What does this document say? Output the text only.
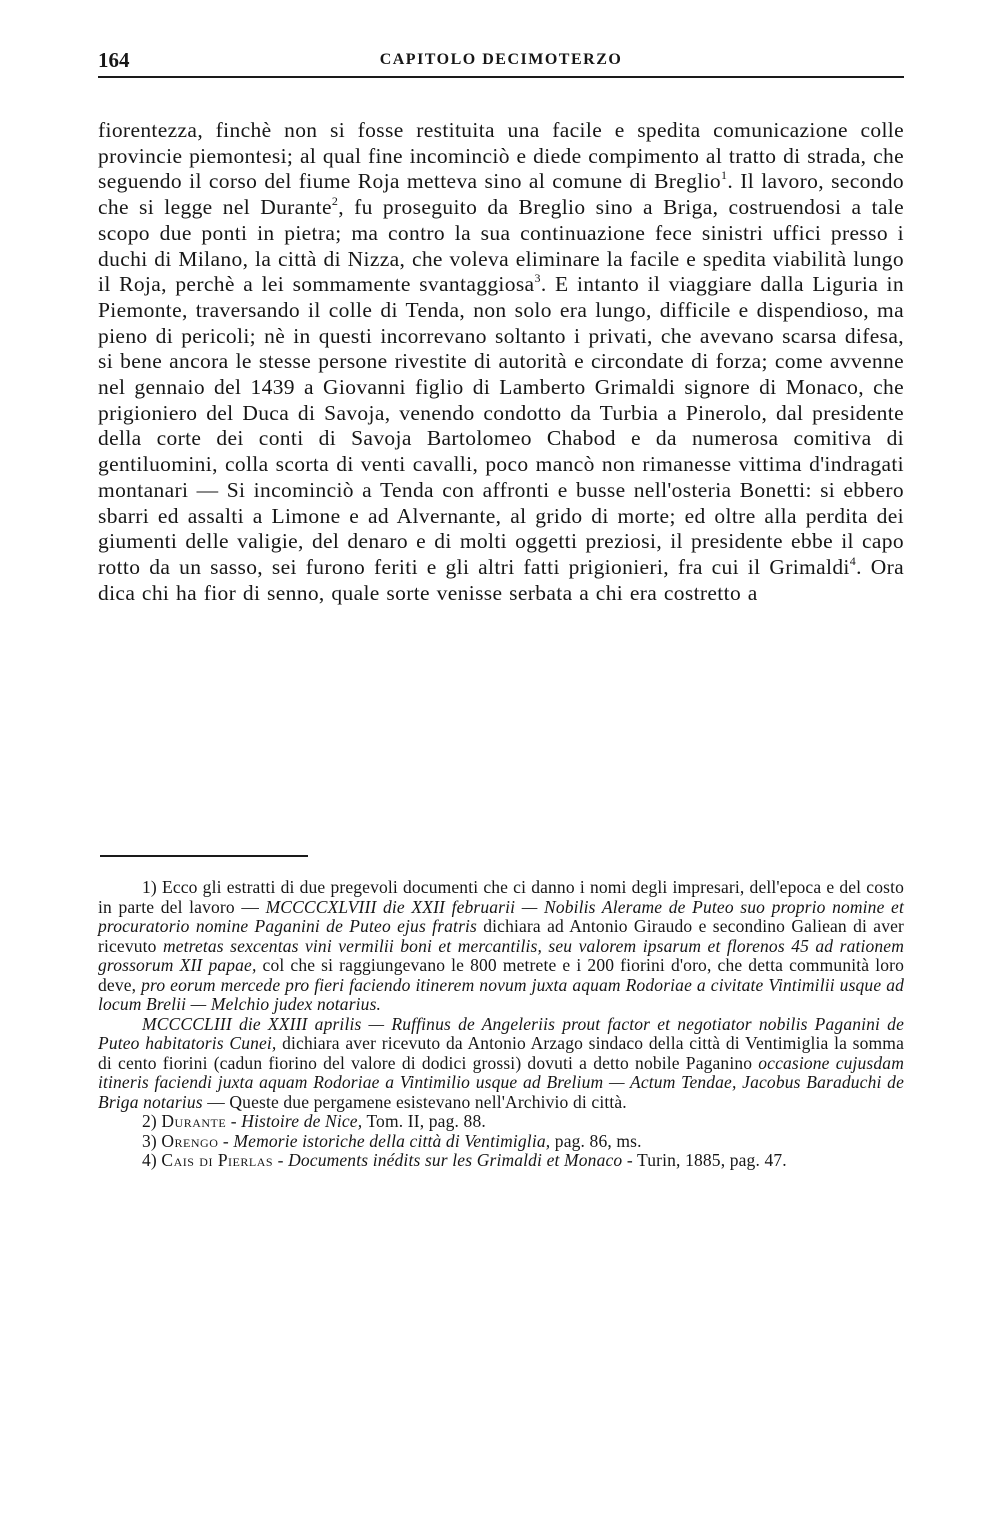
164	CAPITOLO DECIMOTERZO

fiorentezza, finchè non si fosse restituita una facile e spedita comunicazione colle provincie piemontesi; al qual fine incominciò e diede compimento al tratto di strada, che seguendo il corso del fiume Roja metteva sino al comune di Breglio$^1$. Il lavoro, secondo che si legge nel Durante$^2$, fu proseguito da Breglio sino a Briga, costruendosi a tale scopo due ponti in pietra; ma contro la sua continuazione fece sinistri uffici presso i duchi di Milano, la città di Nizza, che voleva eliminare la facile e spedita viabilità lungo il Roja, perchè a lei sommamente svantaggiosa$^3$. E intanto il viaggiare dalla Liguria in Piemonte, traversando il colle di Tenda, non solo era lungo, difficile e dispendioso, ma pieno di pericoli; nè in questi incorrevano soltanto i privati, che avevano scarsa difesa, si bene ancora le stesse persone rivestite di autorità e circondate di forza; come avvenne nel gennaio del 1439 a Giovanni figlio di Lamberto Grimaldi signore di Monaco, che prigioniero del Duca di Savoja, venendo condotto da Turbia a Pinerolo, dal presidente della corte dei conti di Savoja Bartolomeo Chabod e da numerosa comitiva di gentiluomini, colla scorta di venti cavalli, poco mancò non rimanesse vittima d'indragati montanari — Si incominciò a Tenda con affronti e busse nell'osteria Bonetti: si ebbero sbarri ed assalti a Limone e ad Alvernante, al grido di morte; ed oltre alla perdita dei giumenti delle valigie, del denaro e di molti oggetti preziosi, il presidente ebbe il capo rotto da un sasso, sei furono feriti e gli altri fatti prigionieri, fra cui il Grimaldi$^4$. Ora dica chi ha fior di senno, quale sorte venisse serbata a chi era costretto a

1) Ecco gli estratti di due pregevoli documenti che ci danno i nomi degli impresari, dell'epoca e del costo in parte del lavoro — MCCCCXLVIII die XXII februarii — Nobilis Alerame de Puteo suo proprio nomine et procuratorio nomine Paganini de Puteo ejus fratris dichiara ad Antonio Giraudo e secondino Galiean di aver ricevuto metretas sexcentas vini vermilii boni et mercantilis, seu valorem ipsarum et florenos 45 ad rationem grossorum XII papae, col che si raggiungevano le 800 metrete e i 200 fiorini d'oro, che detta communità loro deve, pro eorum mercede pro fieri faciendo itinerem novum juxta aquam Rodoriae a civitate Vintimilii usque ad locum Brelii — Melchio judex notarius.

MCCCCLIII die XXIII aprilis — Ruffinus de Angeleriis prout factor et negotiator nobilis Paganini de Puteo habitatoris Cunei, dichiara aver ricevuto da Antonio Arzago sindaco della città di Ventimiglia la somma di cento fiorini (cadun fiorino del valore di dodici grossi) dovuti a detto nobile Paganino occasione cujusdam itineris faciendi juxta aquam Rodoriae a Vintimilio usque ad Brelium — Actum Tendae, Jacobus Baraduchi de Briga notarius — Queste due pergamene esistevano nell'Archivio di città.

2) Durante - Histoire de Nice, Tom. II, pag. 88.

3) Orengo - Memorie istoriche della città di Ventimiglia, pag. 86, ms.

4) Cais di Pierlas - Documents inédits sur les Grimaldi et Monaco - Turin, 1885, pag. 47.
